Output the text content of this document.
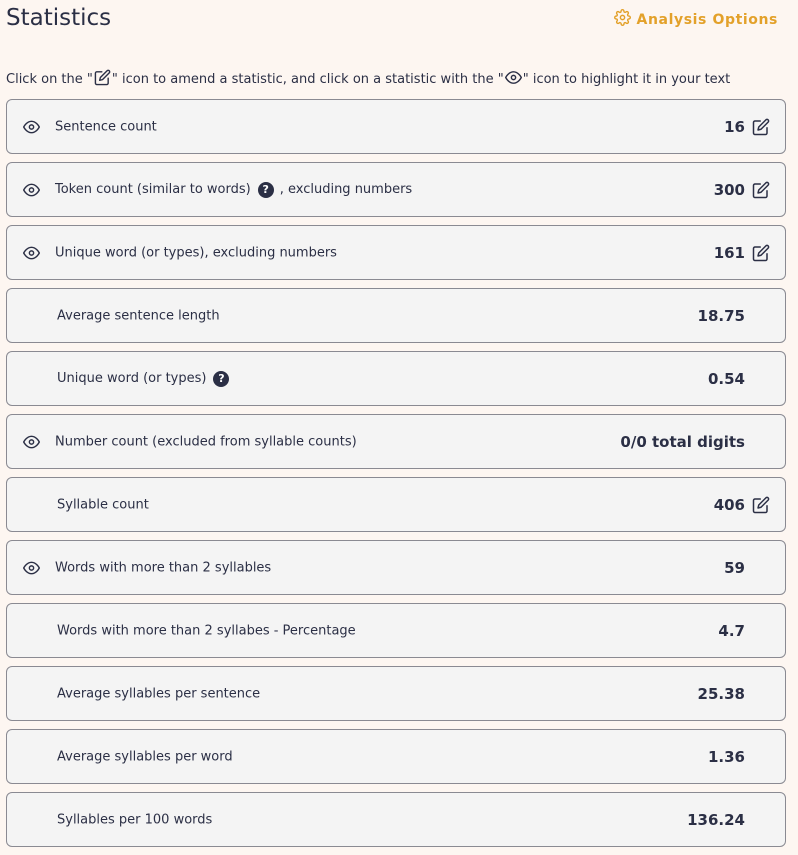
Statistics	Analysis Options
Click on the " " icon to amend a statistic, and click on a statistic with the " " icon to highlight it in your text
Sentence count	16
Token count (similar to words)	? , excluding numbers	300
Unique word (or types), excluding numbers	161
Average sentence length	18.75
Unique word (or types)	?	0.54
Number count (excluded from syllable counts)	0/0 total digits
Syllable count	406
Words with more than 2 syllables	59
Words with more than 2 syllabes - Percentage	4.7
Average syllables per sentence	25.38
Average syllables per word	1.36
Syllables per 100 words	136.24
